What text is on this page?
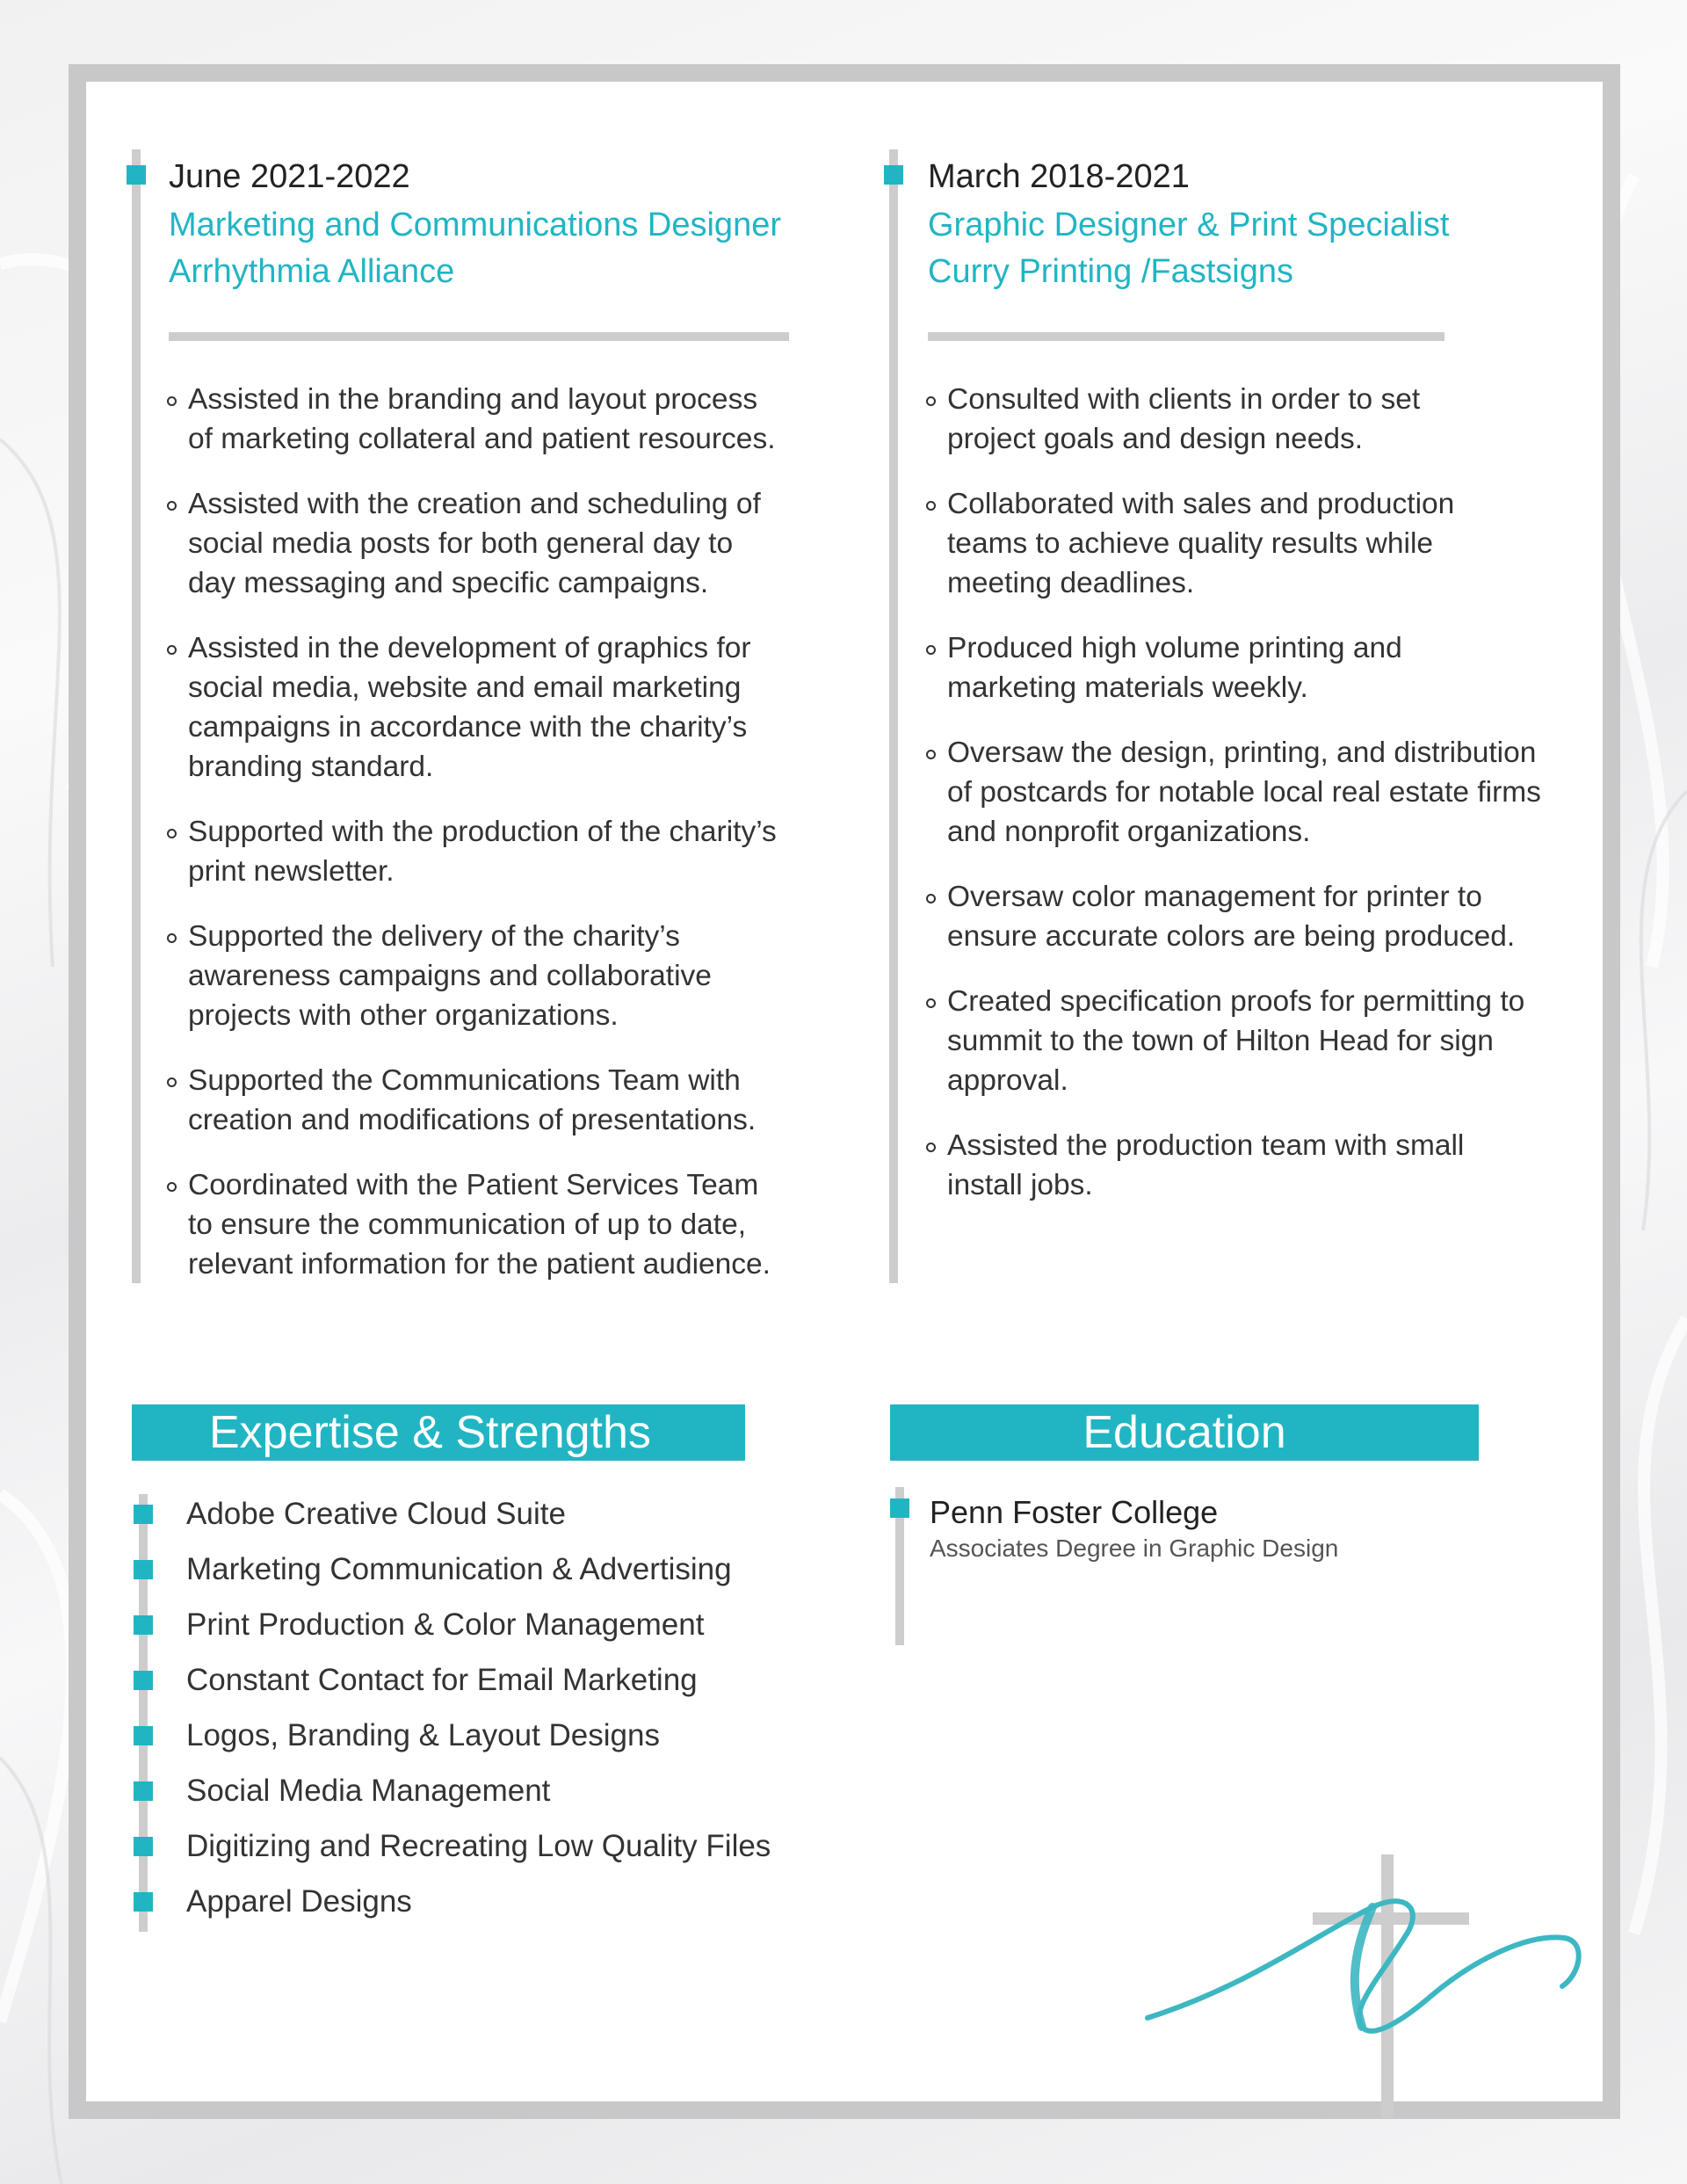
June 2021-2022
Marketing and Communications Designer
Arrhythmia Alliance
Assisted in the branding and layout process
of marketing collateral and patient resources.
Assisted with the creation and scheduling of
social media posts for both general day to
day messaging and specific campaigns.
Assisted in the development of graphics for
social media, website and email marketing
campaigns in accordance with the charity’s
branding standard.
Supported with the production of the charity’s
print newsletter.
Supported the delivery of the charity’s
awareness campaigns and collaborative
projects with other organizations.
Supported the Communications Team with
creation and modifications of presentations.
Coordinated with the Patient Services Team
to ensure the communication of up to date,
relevant information for the patient audience.
March 2018-2021
Graphic Designer & Print Specialist
Curry Printing /Fastsigns
Consulted with clients in order to set
project goals and design needs.
Collaborated with sales and production
teams to achieve quality results while
meeting deadlines.
Produced high volume printing and
marketing materials weekly.
Oversaw the design, printing, and distribution
of postcards for notable local real estate firms
and nonprofit organizations.
Oversaw color management for printer to
ensure accurate colors are being produced.
Created specification proofs for permitting to
summit to the town of Hilton Head for sign
approval.
Assisted the production team with small
install jobs.
Expertise & Strengths
Adobe Creative Cloud Suite
Marketing Communication & Advertising
Print Production & Color Management
Constant Contact for Email Marketing
Logos, Branding & Layout Designs
Social Media Management
Digitizing and Recreating Low Quality Files
Apparel Designs
Education
Penn Foster College
Associates Degree in Graphic Design
